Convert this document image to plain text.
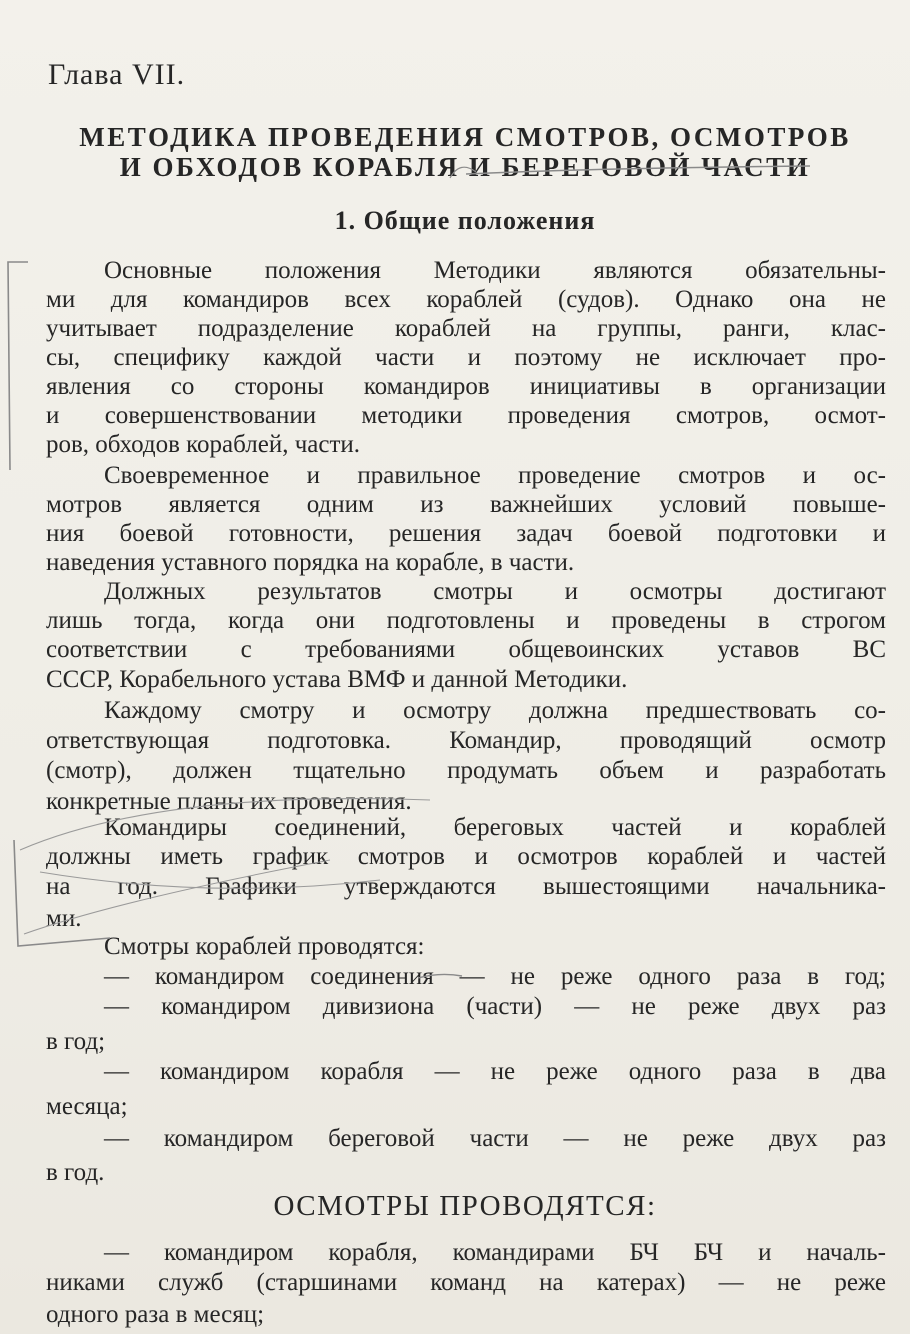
Глава VII.
МЕТОДИКА ПРОВЕДЕНИЯ СМОТРОВ, ОСМОТРОВ
И ОБХОДОВ КОРАБЛЯ И БЕРЕГОВОЙ ЧАСТИ
1. Общие положения
Основные положения Методики являются обязательны-
ми для командиров всех кораблей (судов). Однако она не
учитывает подразделение кораблей на группы, ранги, клас-
сы, специфику каждой части и поэтому не исключает про-
явления со стороны командиров инициативы в организации
и совершенствовании методики проведения смотров, осмот-
ров, обходов кораблей, части.
Своевременное и правильное проведение смотров и ос-
мотров является одним из важнейших условий повыше-
ния боевой готовности, решения задач боевой подготовки и
наведения уставного порядка на корабле, в части.
Должных результатов смотры и осмотры достигают
лишь тогда, когда они подготовлены и проведены в строгом
соответствии с требованиями общевоинских уставов ВС
СССР, Корабельного устава ВМФ и данной Методики.
Каждому смотру и осмотру должна предшествовать со-
ответствующая подготовка. Командир, проводящий осмотр
(смотр), должен тщательно продумать объем и разработать
конкретные планы их проведения.
Командиры соединений, береговых частей и кораблей
должны иметь график смотров и осмотров кораблей и частей
на год. Графики утверждаются вышестоящими начальника-
ми.
Смотры кораблей проводятся:
— командиром соединения — не реже одного раза в год;
— командиром дивизиона (части) — не реже двух раз
в год;
— командиром корабля — не реже одного раза в два
месяца;
— командиром береговой части — не реже двух раз
в год.
ОСМОТРЫ ПРОВОДЯТСЯ:
— командиром корабля, командирами БЧ БЧ и началь-
никами служб (старшинами команд на катерах) — не реже
одного раза в месяц;
